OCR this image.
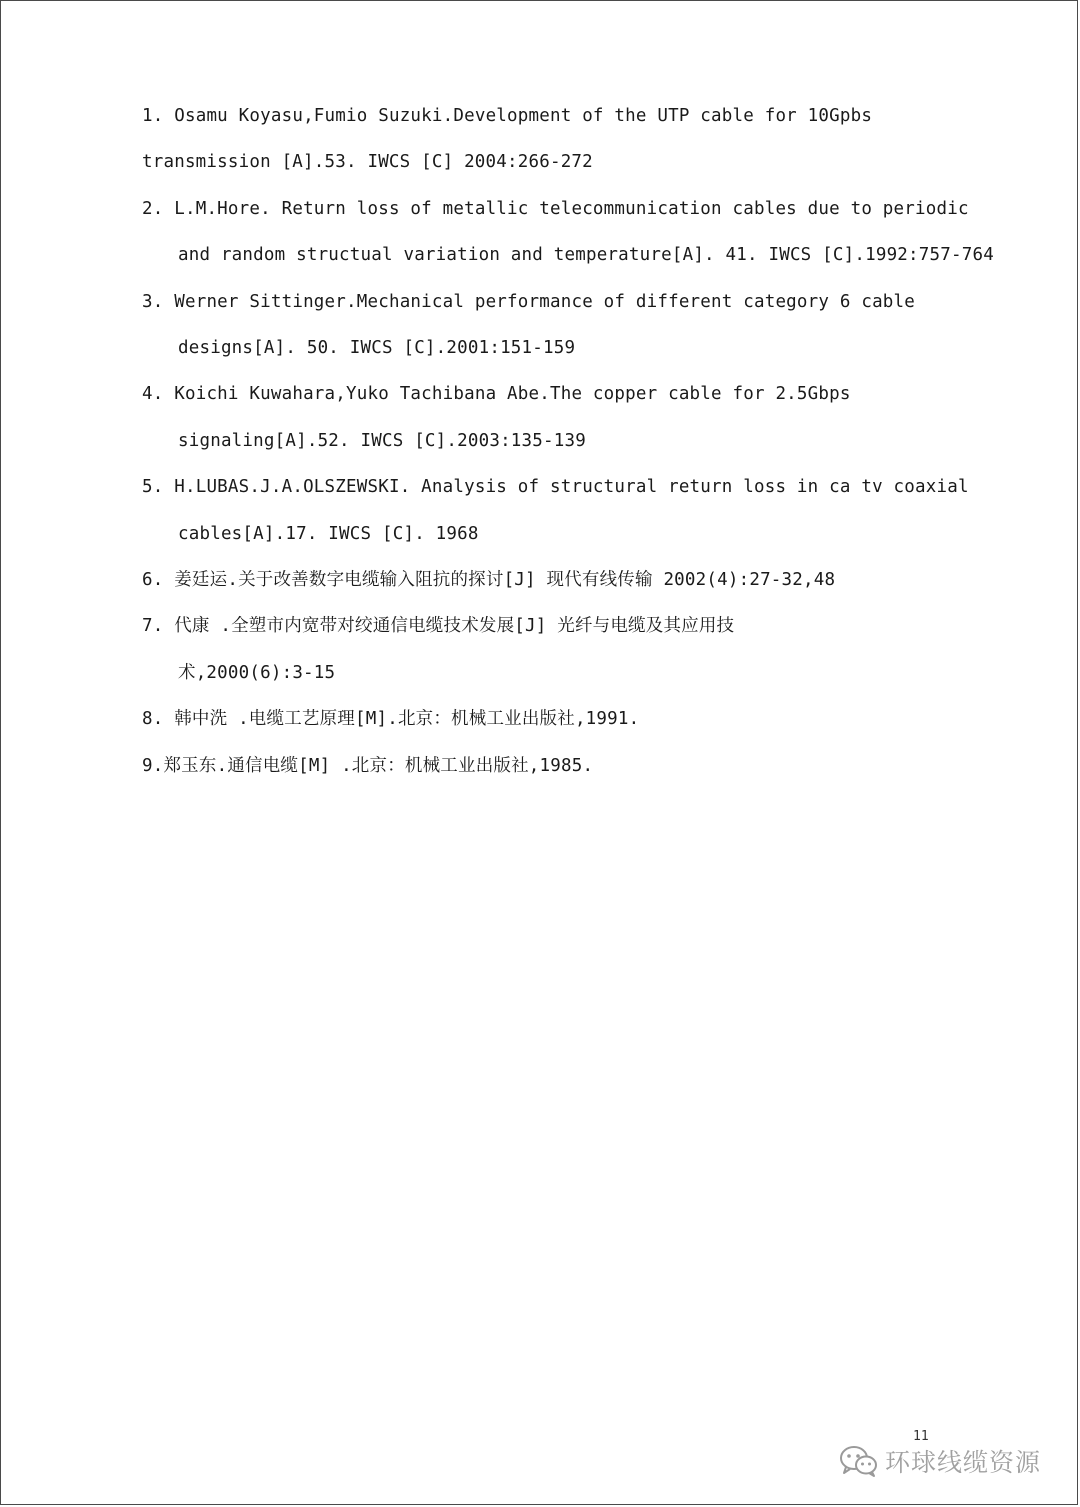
1. Osamu Koyasu,Fumio Suzuki.Development of the UTP cable for 10Gpbs
transmission [A].53. IWCS [C] 2004:266-272
2. L.M.Hore. Return loss of metallic telecommunication cables due to periodic
and random structual variation and temperature[A]. 41. IWCS [C].1992:757-764
3. Werner Sittinger.Mechanical performance of different category 6 cable
designs[A]. 50. IWCS [C].2001:151-159
4. Koichi Kuwahara,Yuko Tachibana Abe.The copper cable for 2.5Gbps
signaling[A].52. IWCS [C].2003:135-139
5. H.LUBAS.J.A.OLSZEWSKI. Analysis of structural return loss in ca tv coaxial
cables[A].17. IWCS [C]. 1968
6. 姜廷运.关于改善数字电缆输入阻抗的探讨[J] 现代有线传输 2002(4):27-32,48
7. 代康 .全塑市内宽带对绞通信电缆技术发展[J] 光纤与电缆及其应用技
术,2000(6):3-15
8. 韩中洗 .电缆工艺原理[M].北京：机械工业出版社,1991.
9.郑玉东.通信电缆[M] .北京：机械工业出版社,1985.
11
环球线缆资源
